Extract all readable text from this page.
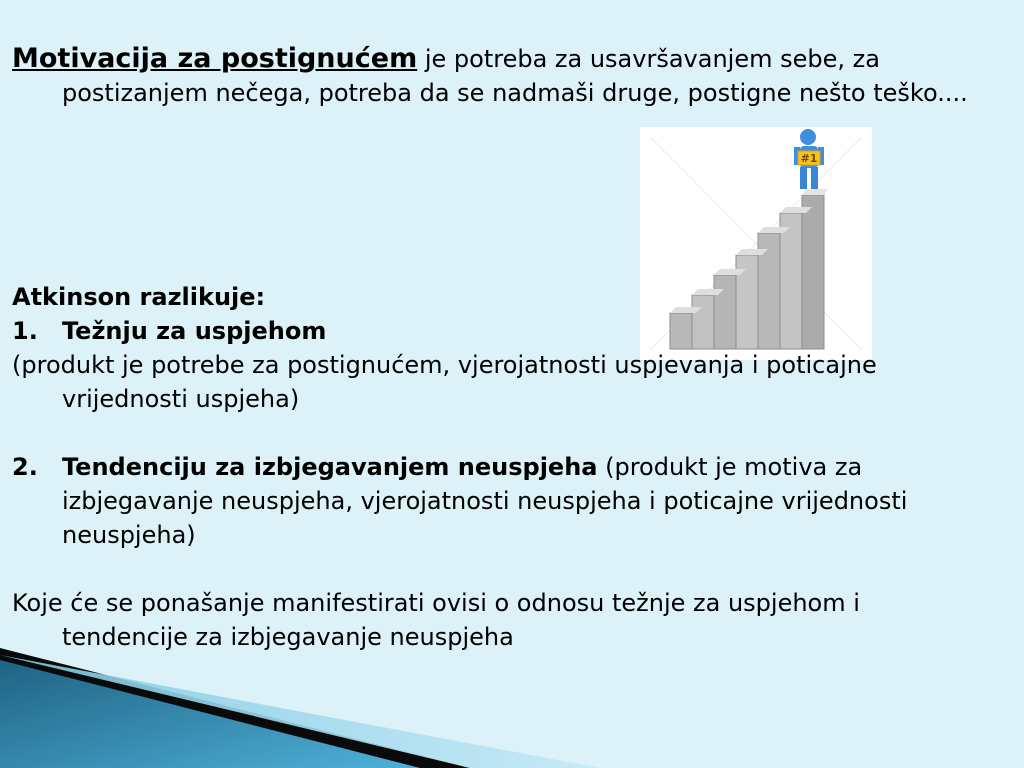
#1

Motivacija za postignućem je potreba za usavršavanjem sebe, za postizanjem nečega, potreba da se nadmaši druge, postigne nešto teško....

Atkinson razlikuje:

1. Težnju za uspjehom

(produkt je potrebe za postignućem, vjerojatnosti uspjevanja i poticajne vrijednosti uspjeha)

2. Tendenciju za izbjegavanjem neuspjeha (produkt je motiva za izbjegavanje neuspjeha, vjerojatnosti neuspjeha i poticajne vrijednosti neuspjeha)

Koje će se ponašanje manifestirati ovisi o odnosu težnje za uspjehom i tendencije za izbjegavanje neuspjeha
